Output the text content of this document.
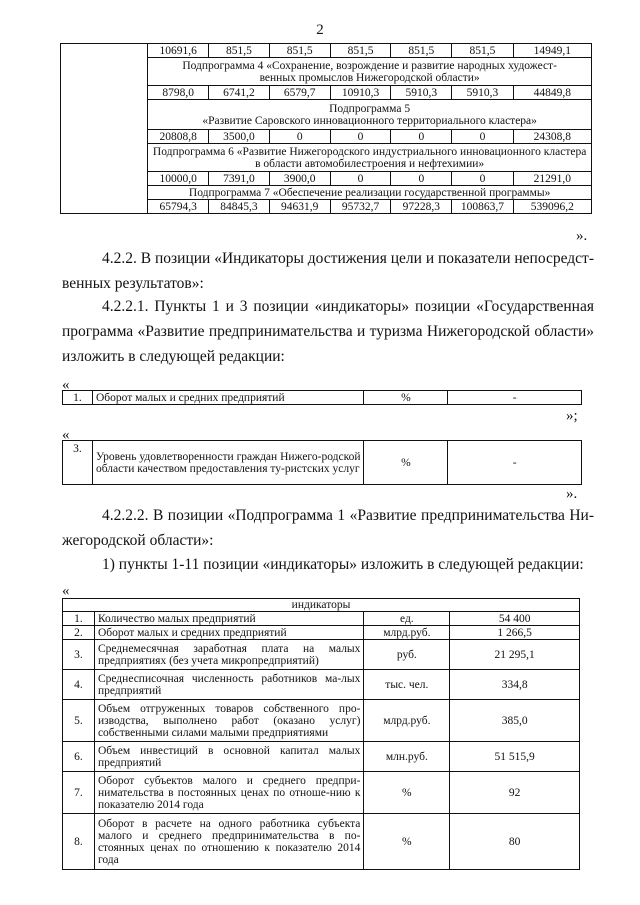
2
	10691,6	851,5	851,5	851,5	851,5	851,5	14949,1
	Подпрограмма 4 «Сохранение, возрождение и развитие народных художест-венных промыслов Нижегородской области»						
	8798,0	6741,2	6579,7	10910,3	5910,3	5910,3	44849,8

	Подпрограмма 5
«Развитие Саровского инновационного территориального кластера»						

	20808,8	3500,0	0	0	0	0	24308,8
	Подпрограмма 6 «Развитие Нижегородского индустриального инновационного кластера в области автомобилестроения и нефтехимии»						
	10000,0	7391,0	3900,0	0	0	0	21291,0
	Подпрограмма 7 «Обеспечение реализации государственной программы»						
	65794,3	84845,3	94631,9	95732,7	97228,3	100863,7	539096,2
».
4.2.2. В позиции «Индикаторы достижения цели и показатели непосредст-венных результатов»:
4.2.2.1. Пункты 1 и 3 позиции «индикаторы» позиции «Государственная программа «Развитие предпринимательства и туризма Нижегородской области» изложить в следующей редакции:
«
1.	Оборот малых и средних предприятий	%	-
»;
«
3.	Уровень удовлетворенности граждан Нижего-родской области качеством предоставления ту-ристских услуг	%	-
».
4.2.2.2. В позиции «Подпрограмма 1 «Развитие предпринимательства Ни-жегородской области»:
1) пункты 1-11 позиции «индикаторы» изложить в следующей редакции:
«
индикаторы			
1.	Количество малых предприятий	ед.	54 400
2.	Оборот малых и средних предприятий	млрд.руб.	1 266,5
3.	Среднемесячная заработная плата на малых предприятиях (без учета микропредприятий)	руб.	21 295,1
4.	Среднесписочная численность работников ма-лых предприятий	тыс. чел.	334,8
5.	Объем отгруженных товаров собственного про-изводства, выполнено работ (оказано услуг) собственными силами малыми предприятиями	млрд.руб.	385,0
6.	Объем инвестиций в основной капитал малых предприятий	млн.руб.	51 515,9
7.	Оборот субъектов малого и среднего предпри-нимательства в постоянных ценах по отноше-нию к показателю 2014 года	%	92
8.	Оборот в расчете на одного работника субъекта малого и среднего предпринимательства в по-стоянных ценах по отношению к показателю 2014 года	%	80
